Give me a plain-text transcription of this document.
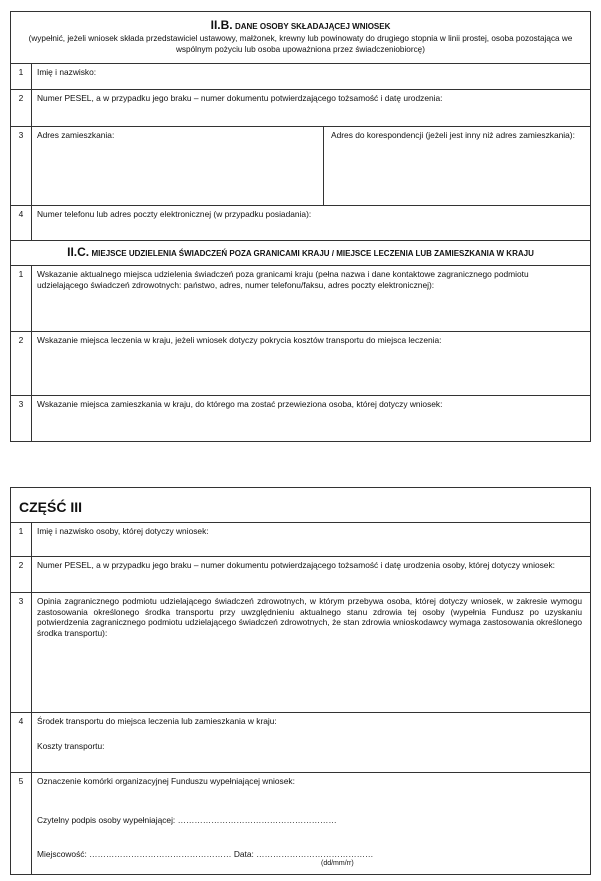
II.B. DANE OSOBY SKŁADAJĄCEJ WNIOSEK
(wypełnić, jeżeli wniosek składa przedstawiciel ustawowy, małżonek, krewny lub powinowaty do drugiego stopnia w linii prostej, osoba pozostająca we wspólnym pożyciu lub osoba upoważniona przez świadczeniobiorcę)
1	Imię i nazwisko:
2	Numer PESEL, a w przypadku jego braku – numer dokumentu potwierdzającego tożsamość i datę urodzenia:
3	Adres zamieszkania:	Adres do korespondencji (jeżeli jest inny niż adres zamieszkania):
4	Numer telefonu lub adres poczty elektronicznej (w przypadku posiadania):
II.C. MIEJSCE UDZIELENIA ŚWIADCZEŃ POZA GRANICAMI KRAJU / MIEJSCE LECZENIA LUB ZAMIESZKANIA W KRAJU
1	Wskazanie aktualnego miejsca udzielenia świadczeń poza granicami kraju (pełna nazwa i dane kontaktowe zagranicznego podmiotu udzielającego świadczeń zdrowotnych: państwo, adres, numer telefonu/faksu, adres poczty elektronicznej):
2	Wskazanie miejsca leczenia w kraju, jeżeli wniosek dotyczy pokrycia kosztów transportu do miejsca leczenia:
3	Wskazanie miejsca zamieszkania w kraju, do którego ma zostać przewieziona osoba, której dotyczy wniosek:
CZĘŚĆ III
1	Imię i nazwisko osoby, której dotyczy wniosek:
2	Numer PESEL, a w przypadku jego braku – numer dokumentu potwierdzającego tożsamość i datę urodzenia osoby, której dotyczy wniosek:
3	Opinia zagranicznego podmiotu udzielającego świadczeń zdrowotnych, w którym przebywa osoba, której dotyczy wniosek, w zakresie wymogu zastosowania określonego środka transportu przy uwzględnieniu aktualnego stanu zdrowia tej osoby (wypełnia Fundusz po uzyskaniu potwierdzenia zagranicznego podmiotu udzielającego świadczeń zdrowotnych, że stan zdrowia wnioskodawcy wymaga zastosowania określonego środka transportu):
4	Środek transportu do miejsca leczenia lub zamieszkania w kraju:
Koszty transportu:
5	Oznaczenie komórki organizacyjnej Funduszu wypełniającej wniosek:
Czytelny podpis osoby wypełniającej: …………………………………………………
Miejscowość: …………………………………………… Data: ……………………………………
(dd/mm/rr)
